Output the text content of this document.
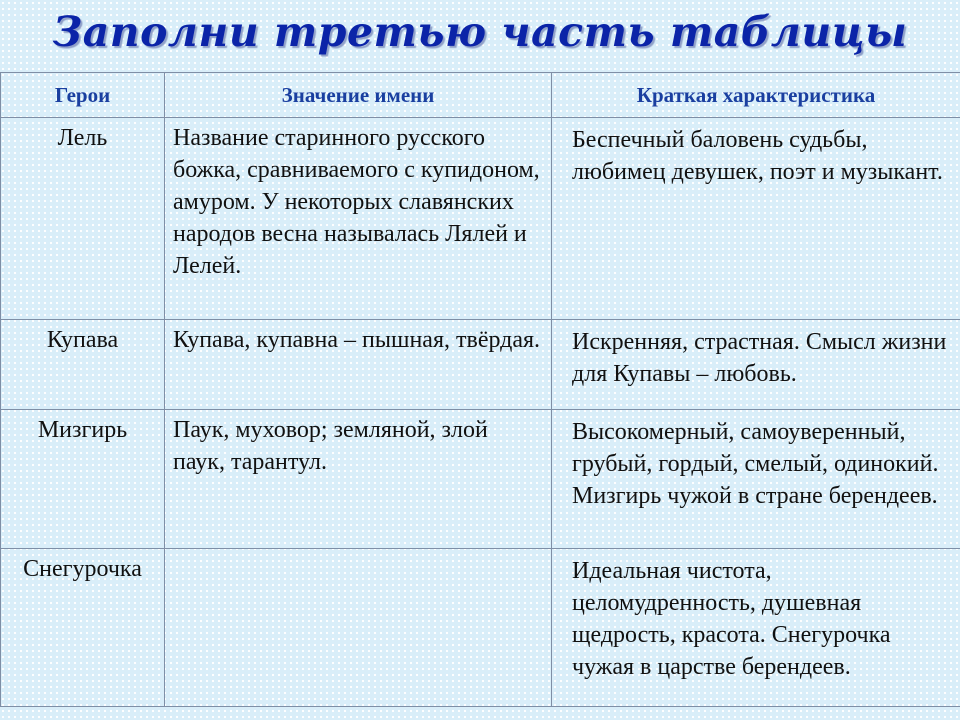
Заполни третью часть таблицы
Герои	Значение имени	Краткая характеристика
Лель	Название старинного русского божка, сравниваемого с купидоном, амуром. У некоторых славянских народов весна называлась Лялей и Лелей.	Беспечный баловень судьбы, любимец девушек, поэт и музыкант.
Купава	Купава, купавна – пышная, твёрдая.	Искренняя, страстная. Смысл жизни для Купавы – любовь.
Мизгирь	Паук, муховор; земляной, злой паук, тарантул.	Высокомерный, самоуверенный, грубый, гордый, смелый, одинокий. Мизгирь чужой в стране берендеев.
Снегурочка		Идеальная чистота, целомудренность, душевная щедрость, красота. Снегурочка чужая в царстве берендеев.
